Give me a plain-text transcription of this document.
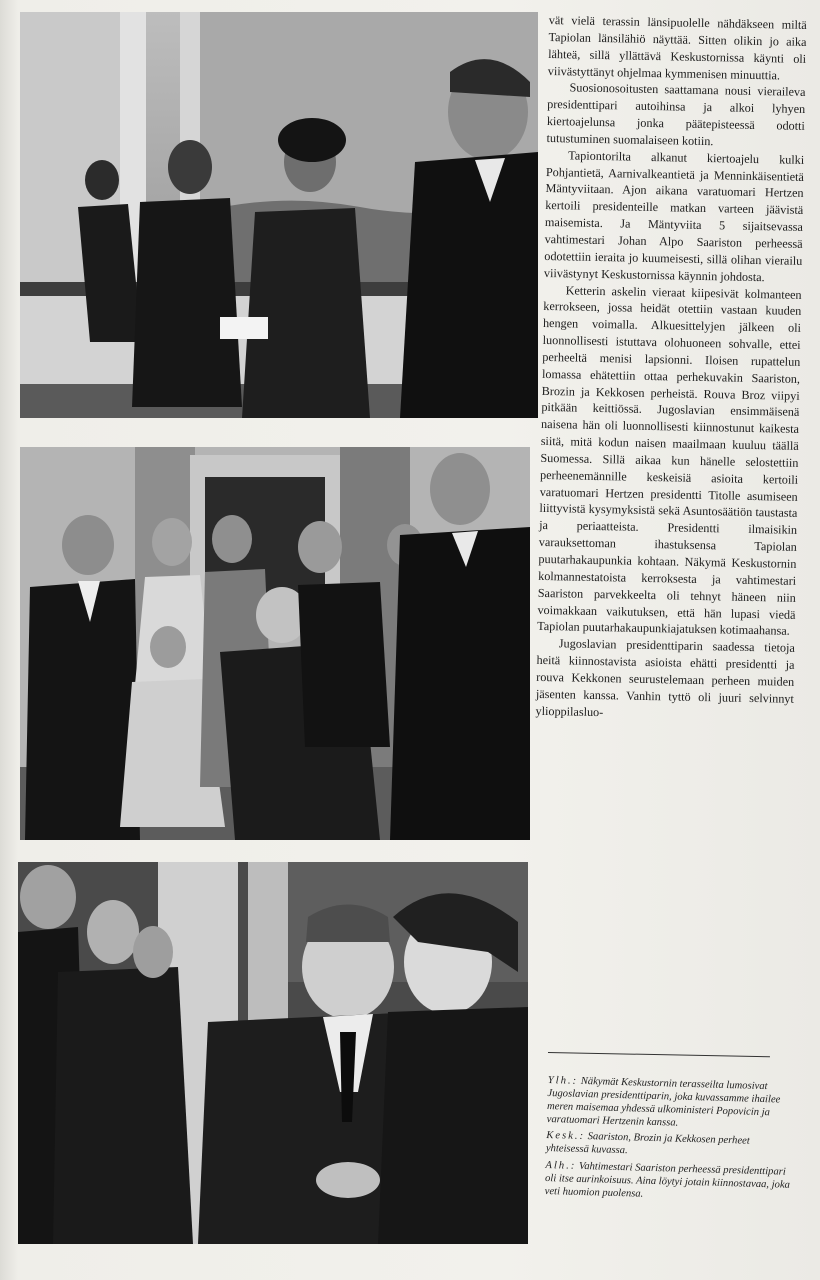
vät vielä terassin länsipuolelle nähdäkseen miltä Tapiolan länsilähiö näyttää. Sitten olikin jo aika lähteä, sillä yllättävä Keskustornissa käynti oli viivästyttänyt ohjelmaa kymmenisen minuuttia.

Suosionosoitusten saattamana nousi vieraileva presidenttipari autoihinsa ja alkoi lyhyen kiertoajelunsa jonka päätepisteessä odotti tutustuminen suomalaiseen kotiin.

Tapiontorilta alkanut kiertoajelu kulki Pohjantietä, Aarnivalkeantietä ja Menninkäisentietä Mäntyviitaan. Ajon aikana varatuomari Hertzen kertoili presidenteille matkan varteen jäävistä maisemista. Ja Mäntyviita 5 sijaitsevassa vahtimestari Johan Alpo Saariston perheessä odotettiin ieraita jo kuumeisesti, sillä olihan vierailu viivästynyt Keskustornissa käynnin johdosta.

Ketterin askelin vieraat kiipesivät kolmanteen kerrokseen, jossa heidät otettiin vastaan kuuden hengen voimalla. Alkuesittelyjen jälkeen oli luonnollisesti istuttava olohuoneen sohvalle, ettei perheeltä menisi lapsionni. Iloisen rupattelun lomassa ehätettiin ottaa perhekuvakin Saariston, Brozin ja Kekkosen perheistä. Rouva Broz viipyi pitkään keittiössä. Jugoslavian ensimmäisenä naisena hän oli luonnollisesti kiinnostunut kaikesta siitä, mitä kodun naisen maailmaan kuuluu täällä Suomessa. Sillä aikaa kun hänelle selostettiin perheenemännille keskeisiä asioita kertoili varatuomari Hertzen presidentti Titolle asumiseen liittyvistä kysymyksistä sekä Asuntosäätiön taustasta ja periaatteista. Presidentti ilmaisikin varauksettoman ihastuksensa Tapiolan puutarhakaupunkia kohtaan. Näkymä Keskustornin kolmannestatoista kerroksesta ja vahtimestari Saariston parvekkeelta oli tehnyt häneen niin voimakkaan vaikutuksen, että hän lupasi viedä Tapiolan puutarhakaupunkiajatuksen kotimaahansa.

Jugoslavian presidenttiparin saadessa tietoja heitä kiinnostavista asioista ehätti presidentti ja rouva Kekkonen seurustelemaan perheen muiden jäsenten kanssa. Vanhin tyttö oli juuri selvinnyt ylioppilasluo-

Ylh.: Näkymät Keskustornin terasseilta lumosivat Jugoslavian presidenttiparin, joka kuvassamme ihailee meren maisemaa yhdessä ulkoministeri Popovicin ja varatuomari Hertzenin kanssa.

Kesk.: Saariston, Brozin ja Kekkosen perheet yhteisessä kuvassa.

Alh.: Vahtimestari Saariston perheessä presidenttipari oli itse aurinkoisuus. Aina löytyi jotain kiinnostavaa, joka veti huomion puolensa.
